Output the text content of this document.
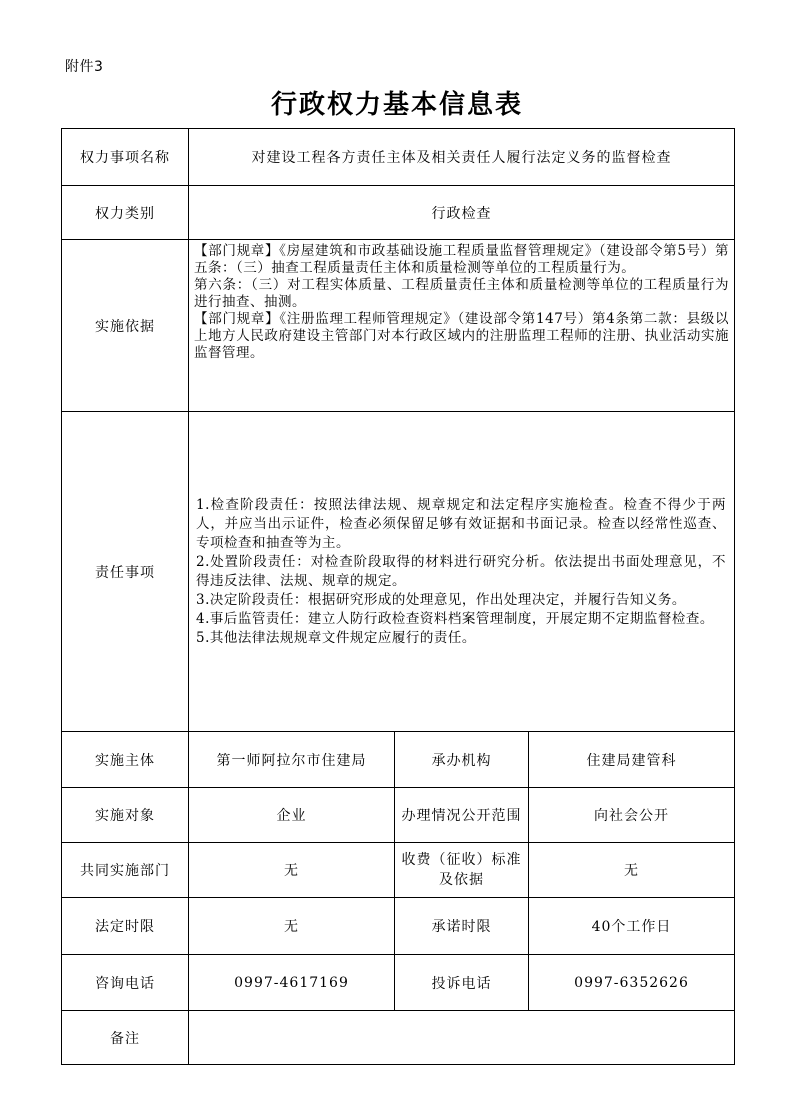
附件3
行政权力基本信息表
权力事项名称	对建设工程各方责任主体及相关责任人履行法定义务的监督检查		
权力类别	行政检查		
实施依据	【部门规章】《房屋建筑和市政基础设施工程质量监督管理规定》（建设部令第5号）第五条：（三）抽查工程质量责任主体和质量检测等单位的工程质量行为。
第六条：（三）对工程实体质量、工程质量责任主体和质量检测等单位的工程质量行为进行抽查、抽测。
【部门规章】《注册监理工程师管理规定》（建设部令第147号）第4条第二款：县级以上地方人民政府建设主管部门对本行政区域内的注册监理工程师的注册、执业活动实施监督管理。		

责任事项	1.检查阶段责任：按照法律法规、规章规定和法定程序实施检查。检查不得少于两人，并应当出示证件，检查必须保留足够有效证据和书面记录。检查以经常性巡查、专项检查和抽查等为主。
2.处置阶段责任：对检查阶段取得的材料进行研究分析。依法提出书面处理意见，不得违反法律、法规、规章的规定。
3.决定阶段责任：根据研究形成的处理意见，作出处理决定，并履行告知义务。
4.事后监管责任：建立人防行政检查资料档案管理制度，开展定期不定期监督检查。
5.其他法律法规规章文件规定应履行的责任。		

实施主体	第一师阿拉尔市住建局	承办机构	住建局建管科
实施对象	企业	办理情况公开范围	向社会公开
共同实施部门	无	收费（征收）标准及依据	无
法定时限	无	承诺时限	40个工作日
咨询电话	0997-4617169	投诉电话	0997-6352626
备注			
